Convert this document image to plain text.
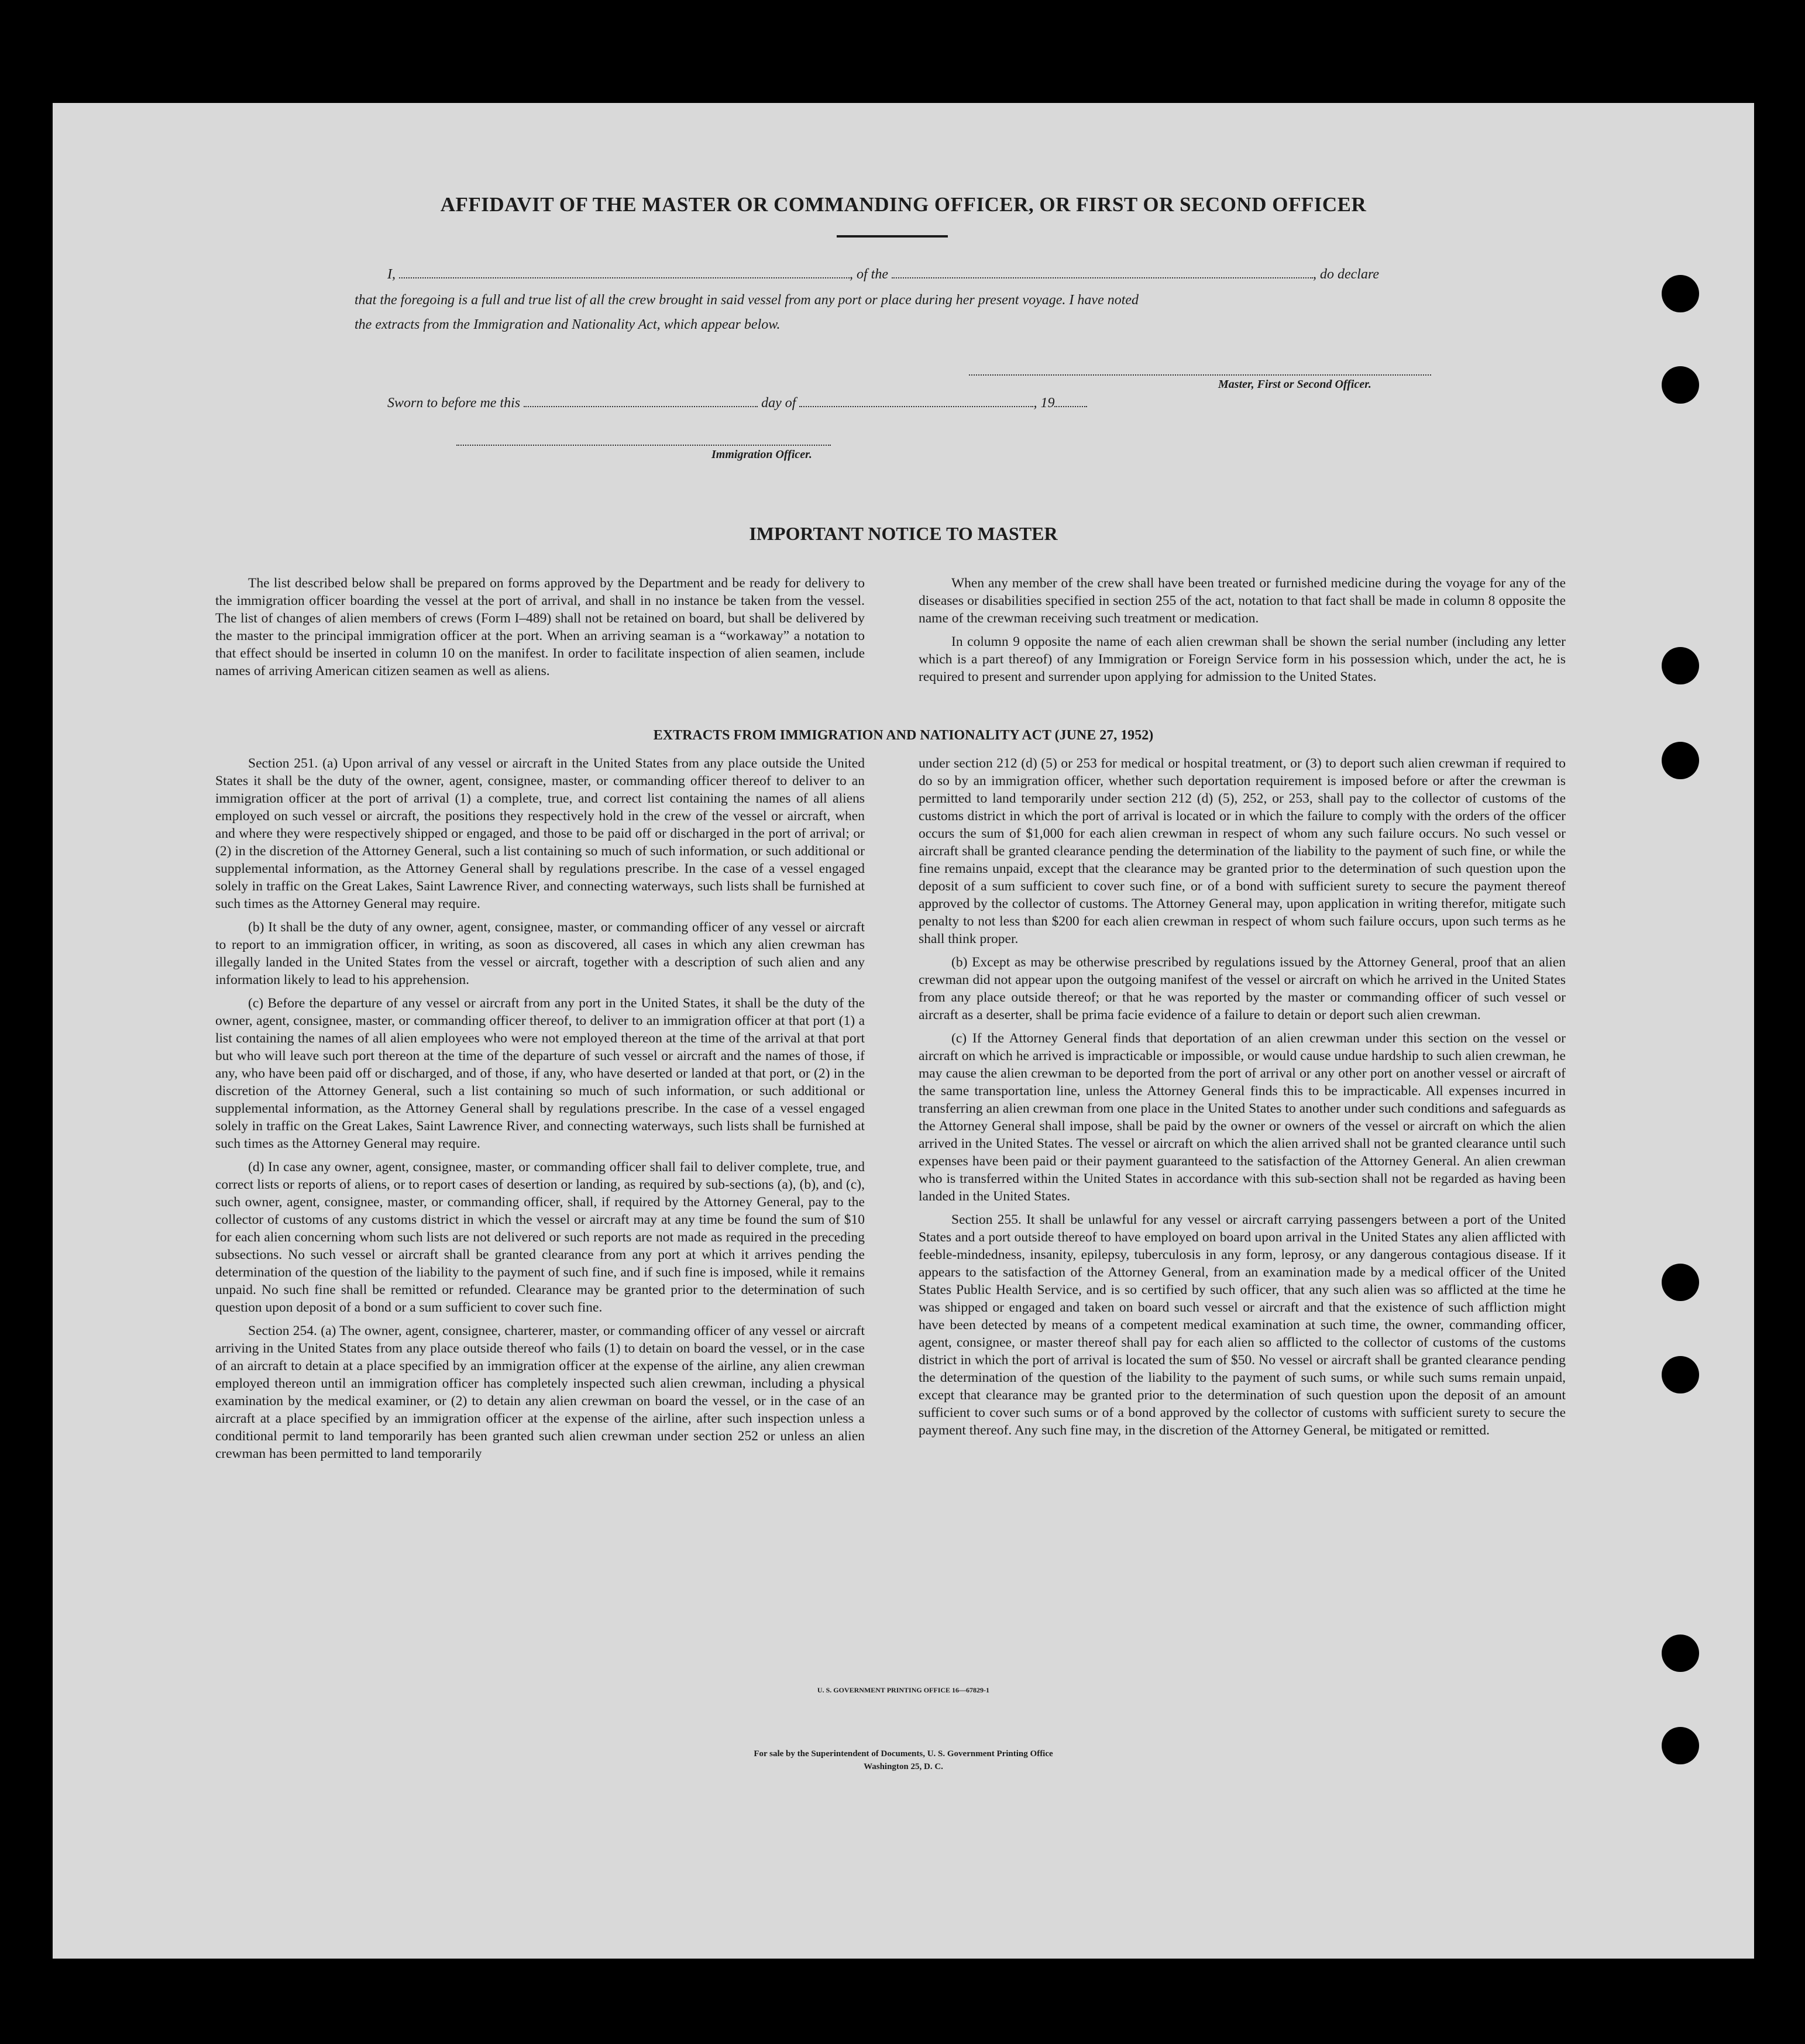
AFFIDAVIT OF THE MASTER OR COMMANDING OFFICER, OR FIRST OR SECOND OFFICER
I,	, of the	, do declare
that the foregoing is a full and true list of all the crew brought in said vessel from any port or place during her present voyage. I have noted
the extracts from the Immigration and Nationality Act, which appear below.
Master, First or Second Officer.
Sworn to before me this	day of	, 19
Immigration Officer.
IMPORTANT NOTICE TO MASTER

The list described below shall be prepared on forms approved by the Department and be ready for delivery to the immigration officer boarding the vessel at the port of arrival, and shall in no instance be taken from the vessel. The list of changes of alien members of crews (Form I–489) shall not be retained on board, but shall be delivered by the master to the principal immigration officer at the port. When an arriving seaman is a “workaway” a notation to that effect should be inserted in column 10 on the manifest. In order to facilitate inspection of alien seamen, include names of arriving American citizen seamen as well as aliens.

When any member of the crew shall have been treated or furnished medicine during the voyage for any of the diseases or disabilities specified in section 255 of the act, notation to that fact shall be made in column 8 opposite the name of the crewman receiving such treatment or medication.

In column 9 opposite the name of each alien crewman shall be shown the serial number (including any letter which is a part thereof) of any Immigration or Foreign Service form in his possession which, under the act, he is required to present and surrender upon applying for admission to the United States.

EXTRACTS FROM IMMIGRATION AND NATIONALITY ACT (JUNE 27, 1952)

Section 251. (a) Upon arrival of any vessel or aircraft in the United States from any place outside the United States it shall be the duty of the owner, agent, consignee, master, or commanding officer thereof to deliver to an immigration officer at the port of arrival (1) a complete, true, and correct list containing the names of all aliens employed on such vessel or aircraft, the positions they respectively hold in the crew of the vessel or aircraft, when and where they were respectively shipped or engaged, and those to be paid off or discharged in the port of arrival; or (2) in the discretion of the Attorney General, such a list containing so much of such information, or such additional or supplemental information, as the Attorney General shall by regulations prescribe. In the case of a vessel engaged solely in traffic on the Great Lakes, Saint Lawrence River, and connecting waterways, such lists shall be furnished at such times as the Attorney General may require.

(b) It shall be the duty of any owner, agent, consignee, master, or commanding officer of any vessel or aircraft to report to an immigration officer, in writing, as soon as discovered, all cases in which any alien crewman has illegally landed in the United States from the vessel or aircraft, together with a description of such alien and any information likely to lead to his apprehension.

(c) Before the departure of any vessel or aircraft from any port in the United States, it shall be the duty of the owner, agent, consignee, master, or commanding officer thereof, to deliver to an immigration officer at that port (1) a list containing the names of all alien employees who were not employed thereon at the time of the arrival at that port but who will leave such port thereon at the time of the departure of such vessel or aircraft and the names of those, if any, who have been paid off or discharged, and of those, if any, who have deserted or landed at that port, or (2) in the discretion of the Attorney General, such a list containing so much of such information, or such additional or supplemental information, as the Attorney General shall by regulations prescribe. In the case of a vessel engaged solely in traffic on the Great Lakes, Saint Lawrence River, and connecting waterways, such lists shall be furnished at such times as the Attorney General may require.

(d) In case any owner, agent, consignee, master, or commanding officer shall fail to deliver complete, true, and correct lists or reports of aliens, or to report cases of desertion or landing, as required by sub-sections (a), (b), and (c), such owner, agent, consignee, master, or commanding officer, shall, if required by the Attorney General, pay to the collector of customs of any customs district in which the vessel or aircraft may at any time be found the sum of $10 for each alien concerning whom such lists are not delivered or such reports are not made as required in the preceding subsections. No such vessel or aircraft shall be granted clearance from any port at which it arrives pending the determination of the question of the liability to the payment of such fine, and if such fine is imposed, while it remains unpaid. No such fine shall be remitted or refunded. Clearance may be granted prior to the determination of such question upon deposit of a bond or a sum sufficient to cover such fine.

Section 254. (a) The owner, agent, consignee, charterer, master, or commanding officer of any vessel or aircraft arriving in the United States from any place outside thereof who fails (1) to detain on board the vessel, or in the case of an aircraft to detain at a place specified by an immigration officer at the expense of the airline, any alien crewman employed thereon until an immigration officer has completely inspected such alien crewman, including a physical examination by the medical examiner, or (2) to detain any alien crewman on board the vessel, or in the case of an aircraft at a place specified by an immigration officer at the expense of the airline, after such inspection unless a conditional permit to land temporarily has been granted such alien crewman under section 252 or unless an alien crewman has been permitted to land temporarily

under section 212 (d) (5) or 253 for medical or hospital treatment, or (3) to deport such alien crewman if required to do so by an immigration officer, whether such deportation requirement is imposed before or after the crewman is permitted to land temporarily under section 212 (d) (5), 252, or 253, shall pay to the collector of customs of the customs district in which the port of arrival is located or in which the failure to comply with the orders of the officer occurs the sum of $1,000 for each alien crewman in respect of whom any such failure occurs. No such vessel or aircraft shall be granted clearance pending the determination of the liability to the payment of such fine, or while the fine remains unpaid, except that the clearance may be granted prior to the determination of such question upon the deposit of a sum sufficient to cover such fine, or of a bond with sufficient surety to secure the payment thereof approved by the collector of customs. The Attorney General may, upon application in writing therefor, mitigate such penalty to not less than $200 for each alien crewman in respect of whom such failure occurs, upon such terms as he shall think proper.

(b) Except as may be otherwise prescribed by regulations issued by the Attorney General, proof that an alien crewman did not appear upon the outgoing manifest of the vessel or aircraft on which he arrived in the United States from any place outside thereof; or that he was reported by the master or commanding officer of such vessel or aircraft as a deserter, shall be prima facie evidence of a failure to detain or deport such alien crewman.

(c) If the Attorney General finds that deportation of an alien crewman under this section on the vessel or aircraft on which he arrived is impracticable or impossible, or would cause undue hardship to such alien crewman, he may cause the alien crewman to be deported from the port of arrival or any other port on another vessel or aircraft of the same transportation line, unless the Attorney General finds this to be impracticable. All expenses incurred in transferring an alien crewman from one place in the United States to another under such conditions and safeguards as the Attorney General shall impose, shall be paid by the owner or owners of the vessel or aircraft on which the alien arrived in the United States. The vessel or aircraft on which the alien arrived shall not be granted clearance until such expenses have been paid or their payment guaranteed to the satisfaction of the Attorney General. An alien crewman who is transferred within the United States in accordance with this sub-section shall not be regarded as having been landed in the United States.

Section 255. It shall be unlawful for any vessel or aircraft carrying passengers between a port of the United States and a port outside thereof to have employed on board upon arrival in the United States any alien afflicted with feeble-mindedness, insanity, epilepsy, tuberculosis in any form, leprosy, or any dangerous contagious disease. If it appears to the satisfaction of the Attorney General, from an examination made by a medical officer of the United States Public Health Service, and is so certified by such officer, that any such alien was so afflicted at the time he was shipped or engaged and taken on board such vessel or aircraft and that the existence of such affliction might have been detected by means of a competent medical examination at such time, the owner, commanding officer, agent, consignee, or master thereof shall pay for each alien so afflicted to the collector of customs of the customs district in which the port of arrival is located the sum of $50. No vessel or aircraft shall be granted clearance pending the determination of the question of the liability to the payment of such sums, or while such sums remain unpaid, except that clearance may be granted prior to the determination of such question upon the deposit of an amount sufficient to cover such sums or of a bond approved by the collector of customs with sufficient surety to secure the payment thereof. Any such fine may, in the discretion of the Attorney General, be mitigated or remitted.

U. S. GOVERNMENT PRINTING OFFICE 16—67829-1
For sale by the Superintendent of Documents, U. S. Government Printing Office
Washington 25, D. C.
